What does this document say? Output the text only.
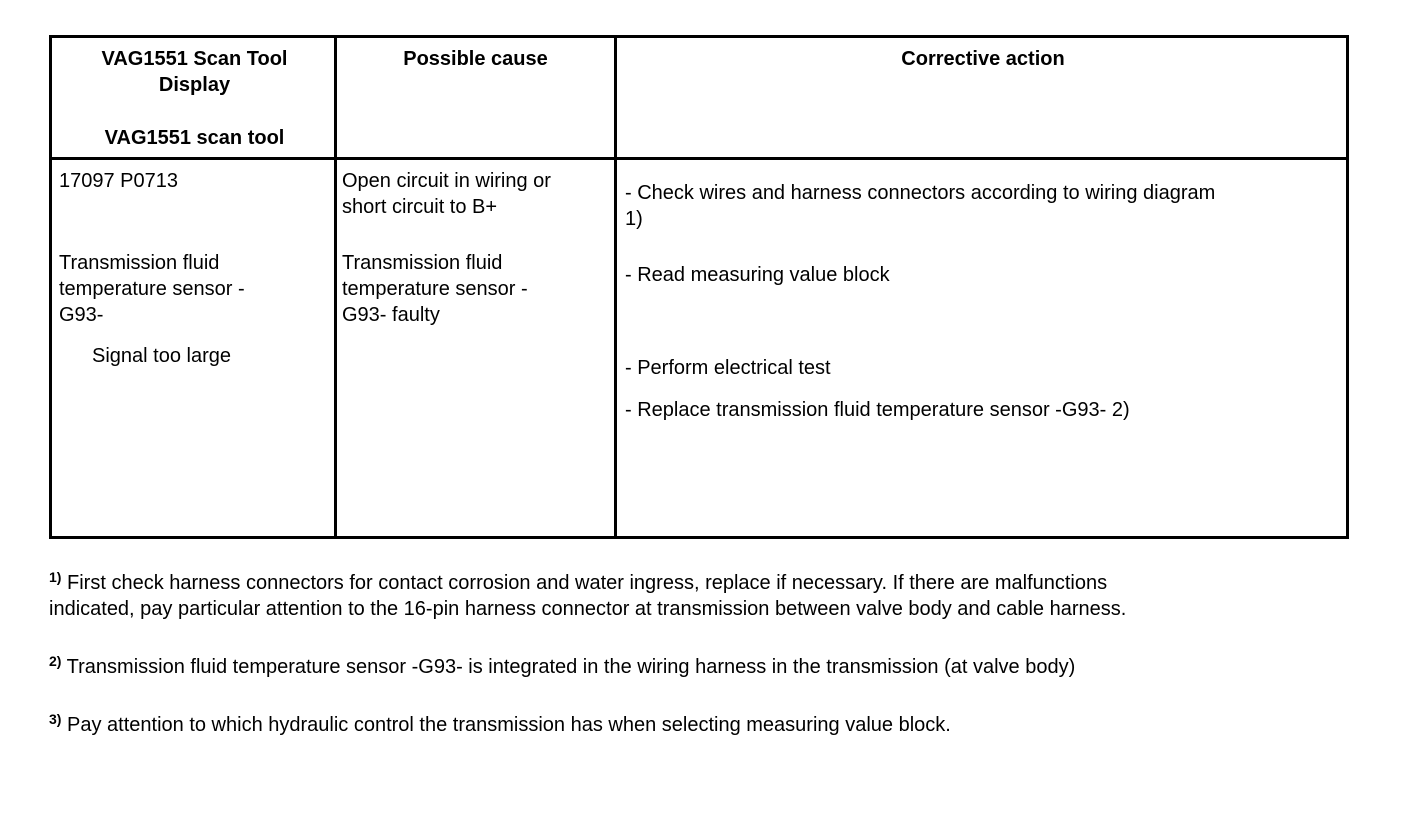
VAG1551 Scan Tool
Display
VAG1551 scan tool
Possible cause	Corrective action
17097 P0713
Transmission fluid
temperature sensor -
G93-
Signal too large
Open circuit in wiring or
short circuit to B+
Transmission fluid
temperature sensor -
G93- faulty
- Check wires and harness connectors according to wiring diagram
1)
- Read measuring value block
- Perform electrical test
- Replace transmission fluid temperature sensor -G93- 2)
$^{1)}$ First check harness connectors for contact corrosion and water ingress, replace if necessary. If there are malfunctions
indicated, pay particular attention to the 16-pin harness connector at transmission between valve body and cable harness.
$^{2)}$ Transmission fluid temperature sensor -G93- is integrated in the wiring harness in the transmission (at valve body)
$^{3)}$ Pay attention to which hydraulic control the transmission has when selecting measuring value block.
